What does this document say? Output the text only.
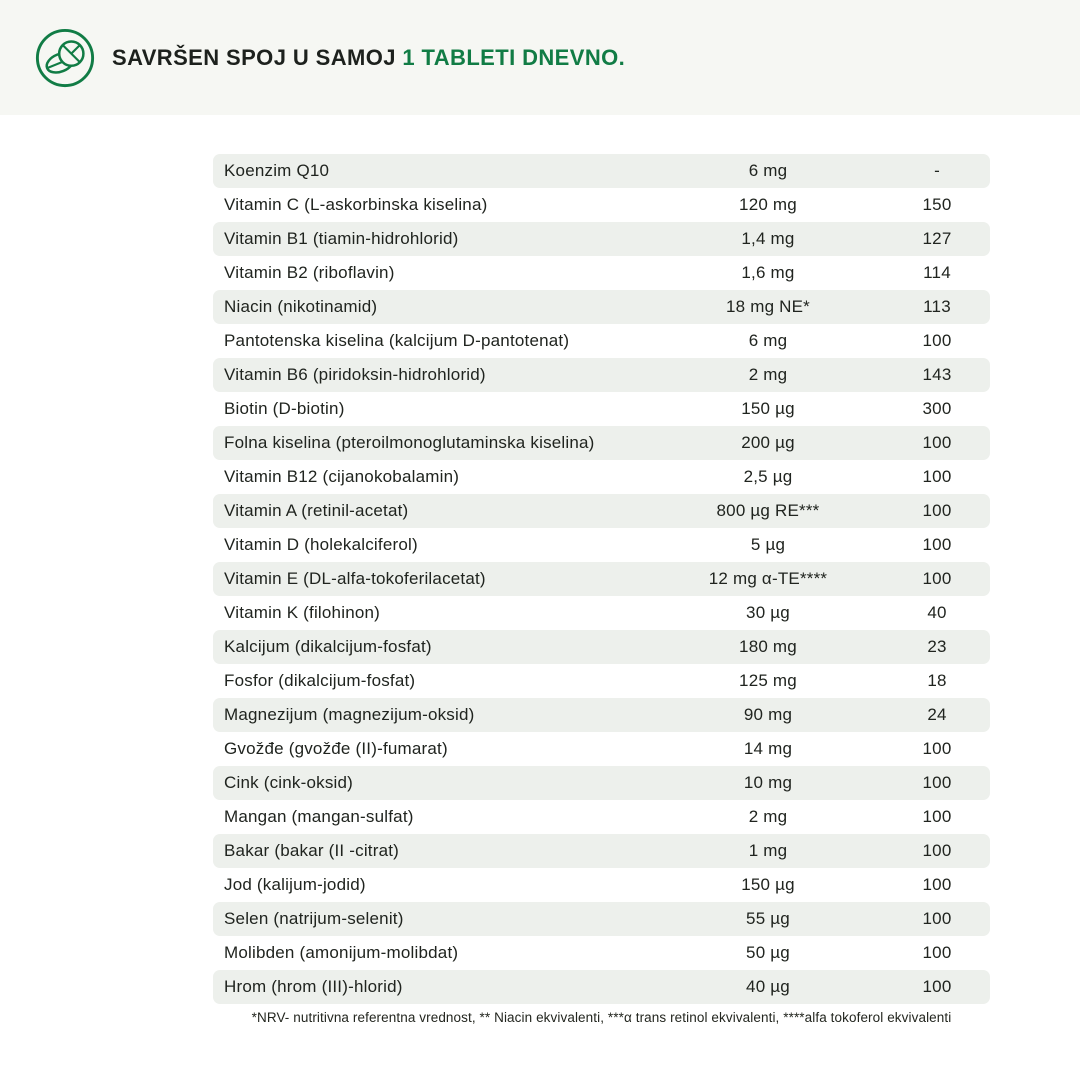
SAVRŠEN SPOJ U SAMOJ 1 TABLETI DNEVNO.
Koenzim Q10	6 mg	-
Vitamin C (L-askorbinska kiselina)	120 mg	150
Vitamin B1 (tiamin-hidrohlorid)	1,4 mg	127
Vitamin B2 (riboflavin)	1,6 mg	114
Niacin (nikotinamid)	18 mg NE*	113
Pantotenska kiselina (kalcijum D-pantotenat)	6 mg	100
Vitamin B6 (piridoksin-hidrohlorid)	2 mg	143
Biotin (D-biotin)	150 µg	300
Folna kiselina (pteroilmonoglutaminska kiselina)	200 µg	100
Vitamin B12 (cijanokobalamin)	2,5 µg	100
Vitamin A (retinil-acetat)	800 µg RE***	100
Vitamin D (holekalciferol)	5 µg	100
Vitamin E (DL-alfa-tokoferilacetat)	12 mg α-TE****	100
Vitamin K (filohinon)	30 µg	40
Kalcijum (dikalcijum-fosfat)	180 mg	23
Fosfor (dikalcijum-fosfat)	125 mg	18
Magnezijum (magnezijum-oksid)	90 mg	24
Gvožđe (gvožđe (II)-fumarat)	14 mg	100
Cink (cink-oksid)	10 mg	100
Mangan (mangan-sulfat)	2 mg	100
Bakar (bakar (II -citrat)	1 mg	100
Jod (kalijum-jodid)	150 µg	100
Selen (natrijum-selenit)	55 µg	100
Molibden (amonijum-molibdat)	50 µg	100
Hrom (hrom (III)-hlorid)	40 µg	100
*NRV- nutritivna referentna vrednost, ** Niacin ekvivalenti, ***α trans retinol ekvivalenti, ****alfa tokoferol ekvivalenti
